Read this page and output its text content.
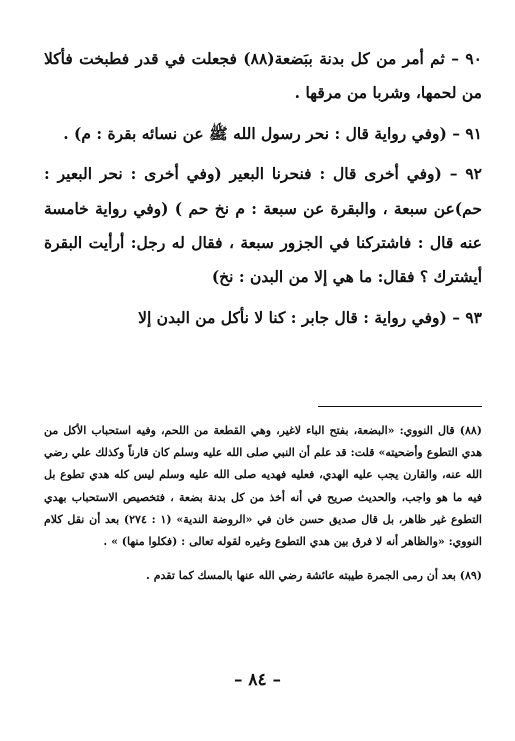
٩٠ – ثم أمر من كل بدنة ببَضعة(٨٨) فجعلت في قدر فطبخت فأكلا من لحمها، وشربا من مرقها .

٩١ – (وفي رواية قال : نحر رسول الله ﷺ عن نسائه بقرة : م) .

٩٢ – (وفي أخرى قال : فنحرنا البعير (وفي أخرى : نحر البعير : حم)عن سبعة ، والبقرة عن سبعة : م نخ حم ) (وفي رواية خامسة عنه قال : فاشتركنا في الجزور سبعة ، فقال له رجل: أرأيت البقرة أيشترك ؟ فقال: ما هي إلا من البدن : نخ)

٩٣ – (وفي رواية : قال جابر : كنا لا نأكل من البدن إلا

(٨٨) قال النووي: «البضعة، بفتح الباء لاغير، وهي القطعة من اللحم، وفيه استحباب الأكل من هدي التطوع وأضحيته» قلت: قد علم أن النبي صلى الله عليه وسلم كان قارناً وكذلك علي رضي الله عنه، والقارن يجب عليه الهدي، فعليه فهديه صلى الله عليه وسلم ليس كله هدي تطوع بل فيه ما هو واجب، والحديث صريح في أنه أخذ من كل بدنة بضعة ، فتخصيص الاستحباب بهدي التطوع غير ظاهر، بل قال صديق حسن خان في «الروضة الندية» (١ : ٢٧٤) بعد أن نقل كلام النووي: «والظاهر أنه لا فرق بين هدي التطوع وغيره لقوله تعالى : (فكلوا منها) » .

(٨٩) بعد أن رمى الجمرة طيبته عائشة رضي الله عنها بالمسك كما تقدم .

– ٨٤ –
